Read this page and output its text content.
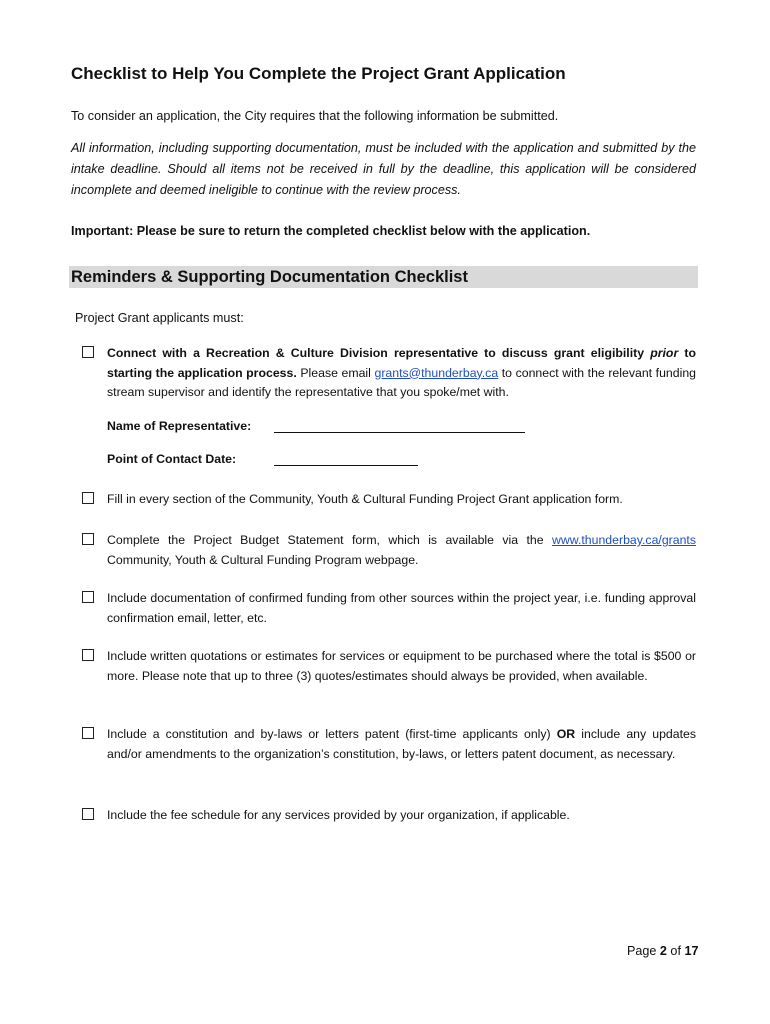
Checklist to Help You Complete the Project Grant Application
To consider an application, the City requires that the following information be submitted.
All information, including supporting documentation, must be included with the application and submitted by the intake deadline. Should all items not be received in full by the deadline, this application will be considered incomplete and deemed ineligible to continue with the review process.
Important: Please be sure to return the completed checklist below with the application.
Reminders & Supporting Documentation Checklist
Project Grant applicants must:
Connect with a Recreation & Culture Division representative to discuss grant eligibility prior to starting the application process. Please email grants@thunderbay.ca to connect with the relevant funding stream supervisor and identify the representative that you spoke/met with.
Name of Representative:
Point of Contact Date:
Fill in every section of the Community, Youth & Cultural Funding Project Grant application form.
Complete the Project Budget Statement form, which is available via the www.thunderbay.ca/grants Community, Youth & Cultural Funding Program webpage.
Include documentation of confirmed funding from other sources within the project year, i.e. funding approval confirmation email, letter, etc.
Include written quotations or estimates for services or equipment to be purchased where the total is $500 or more. Please note that up to three (3) quotes/estimates should always be provided, when available.
Include a constitution and by-laws or letters patent (first-time applicants only) OR include any updates and/or amendments to the organization’s constitution, by-laws, or letters patent document, as necessary.
Include the fee schedule for any services provided by your organization, if applicable.
Page 2 of 17
